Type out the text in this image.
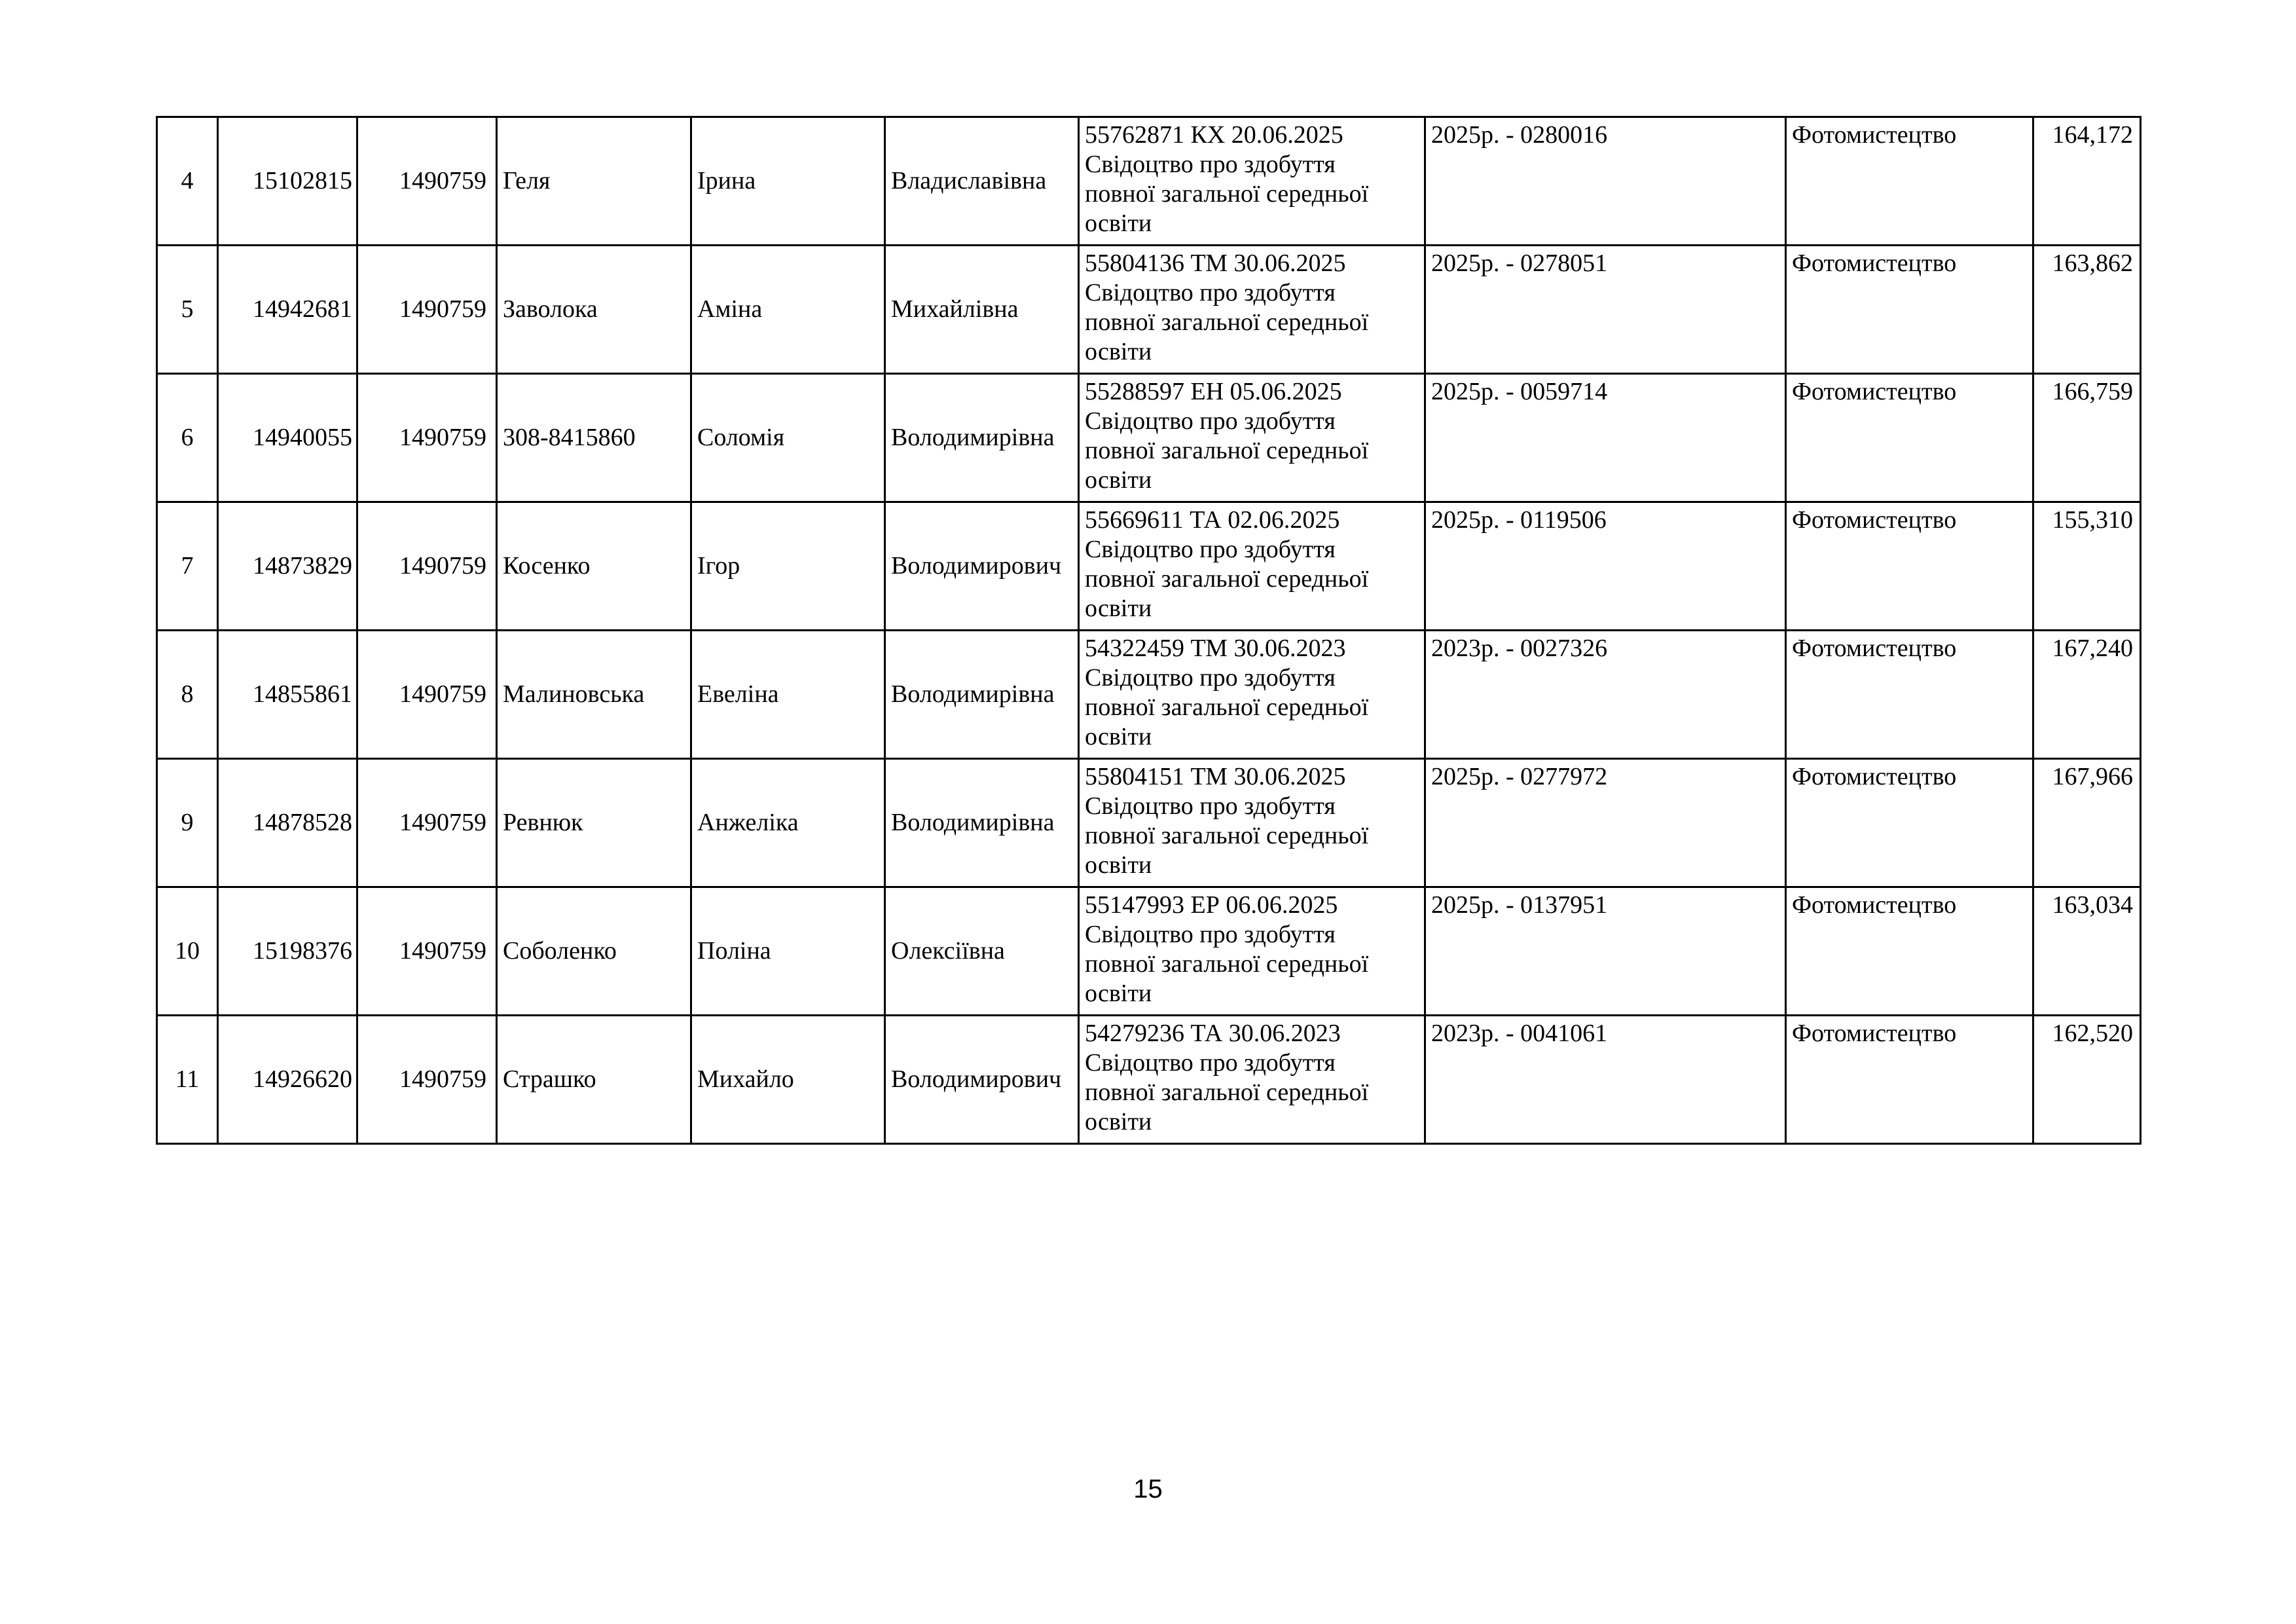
4	15102815	1490759	Геля	Ірина	Владиславівна	55762871 КХ 20.06.2025
Свідоцтво про здобуття
повної загальної середньої
освіти	2025р. - 0280016	Фотомистецтво	164,172
5	14942681	1490759	Заволока	Аміна	Михайлівна	55804136 ТМ 30.06.2025
Свідоцтво про здобуття
повної загальної середньої
освіти	2025р. - 0278051	Фотомистецтво	163,862
6	14940055	1490759	308-8415860	Соломія	Володимирівна	55288597 ЕН 05.06.2025
Свідоцтво про здобуття
повної загальної середньої
освіти	2025р. - 0059714	Фотомистецтво	166,759
7	14873829	1490759	Косенко	Ігор	Володимирович	55669611 ТА 02.06.2025
Свідоцтво про здобуття
повної загальної середньої
освіти	2025р. - 0119506	Фотомистецтво	155,310
8	14855861	1490759	Малиновська	Евеліна	Володимирівна	54322459 ТМ 30.06.2023
Свідоцтво про здобуття
повної загальної середньої
освіти	2023р. - 0027326	Фотомистецтво	167,240
9	14878528	1490759	Ревнюк	Анжеліка	Володимирівна	55804151 ТМ 30.06.2025
Свідоцтво про здобуття
повної загальної середньої
освіти	2025р. - 0277972	Фотомистецтво	167,966
10	15198376	1490759	Соболенко	Поліна	Олексіївна	55147993 ЕР 06.06.2025
Свідоцтво про здобуття
повної загальної середньої
освіти	2025р. - 0137951	Фотомистецтво	163,034
11	14926620	1490759	Страшко	Михайло	Володимирович	54279236 ТА 30.06.2023
Свідоцтво про здобуття
повної загальної середньої
освіти	2023р. - 0041061	Фотомистецтво	162,520
15
